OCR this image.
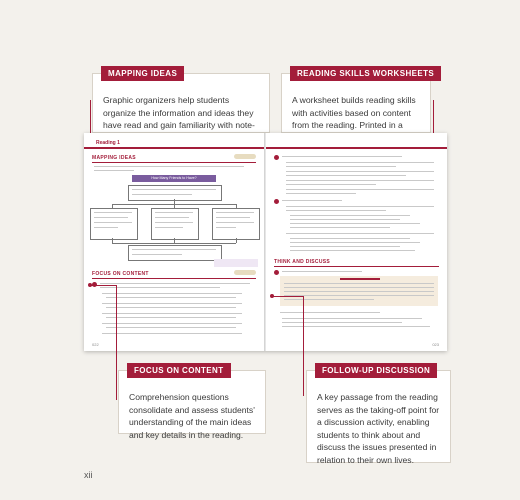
MAPPING IDEAS
Graphic organizers help students organize the information and ideas they have read and gain familiarity with note-
READING SKILLS WORKSHEETS
A worksheet builds reading skills with activities based on content from the reading. Printed in a
Reading 1
MAPPING IDEAS
How Many Friends to Have?
FOCUS ON CONTENT
022
THINK AND DISCUSS
023
FOCUS ON CONTENT
Comprehension questions consolidate and assess students' understanding of the main ideas and key details in the reading.
FOLLOW-UP DISCUSSION
A key passage from the reading serves as the taking-off point for a discussion activity, enabling students to think about and discuss the issues presented in relation to their own lives.
xii
